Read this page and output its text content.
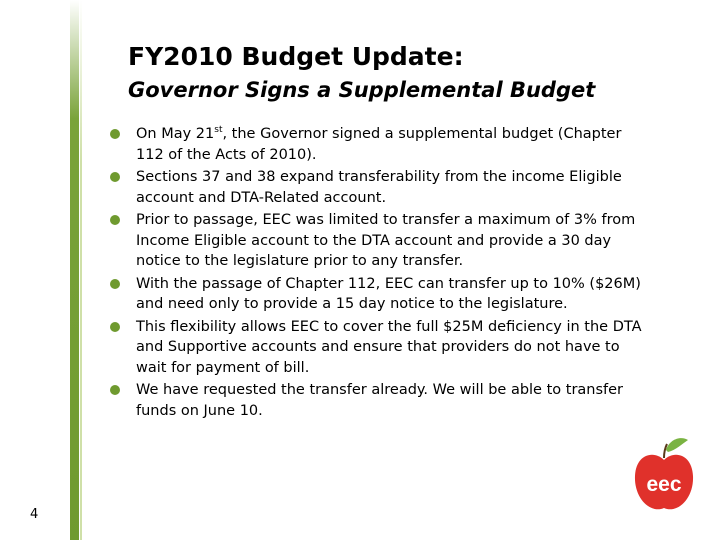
FY2010 Budget Update:
Governor Signs a Supplemental Budget
On May 21st, the Governor signed a supplemental budget (Chapter 112 of the Acts of 2010).
Sections 37 and 38 expand transferability from the income Eligible account and DTA-Related account.
Prior to passage, EEC was limited to transfer a maximum of 3% from Income Eligible account to the DTA account and provide a 30 day notice to the legislature prior to any transfer.
With the passage of Chapter 112, EEC can transfer up to 10% ($26M) and need only to provide a 15 day notice to the legislature.
This flexibility allows EEC to cover the full $25M deficiency in the DTA and Supportive accounts and ensure that providers do not have to wait for payment of bill.
We have requested the transfer already. We will be able to transfer funds on June 10.
4
eec
